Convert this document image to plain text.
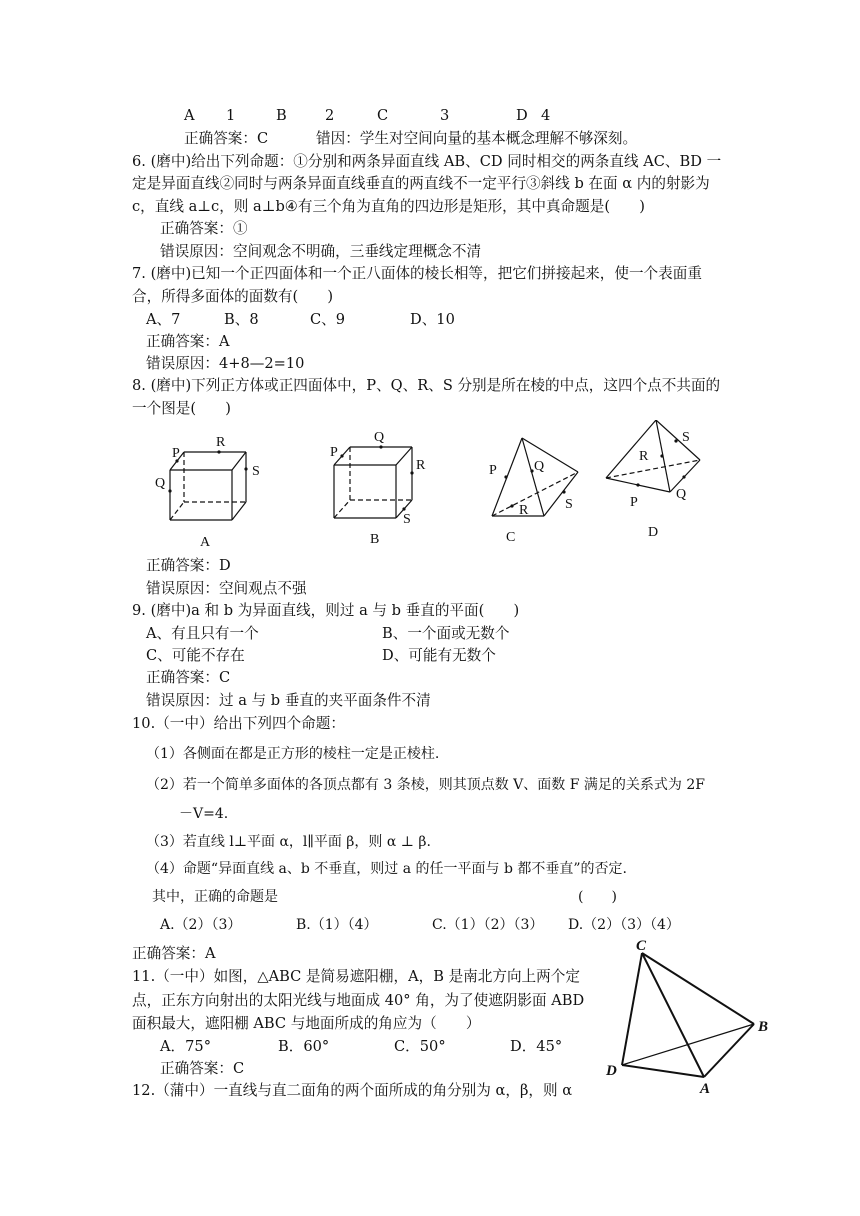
A 1	B	2	C	3	D 4
正确答案：C	错因：学生对空间向量的基本概念理解不够深刻。
6. (磨中)给出下列命题：①分别和两条异面直线 AB、CD 同时相交的两条直线 AC、BD 一
定是异面直线②同时与两条异面直线垂直的两直线不一定平行③斜线 b 在面 α 内的射影为
c，直线 a⊥c，则 a⊥b④有三个角为直角的四边形是矩形，其中真命题是(　　)
正确答案：①
错误原因：空间观念不明确，三垂线定理概念不清
7. (磨中)已知一个正四面体和一个正八面体的棱长相等，把它们拼接起来，使一个表面重
合，所得多面体的面数有(　　)
A、7	B、8	C、9	D、10
正确答案：A
错误原因：4+8—2=10
8. (磨中)下列正方体或正四面体中，P、Q、R、S 分别是所在棱的中点，这四个点不共面的
一个图是(　　)
P
R
Q
S
A
P
Q
R
S
B
P	Q
R	S
C
S
R
P
Q
D
正确答案：D
错误原因：空间观点不强
9. (磨中)a 和 b 为异面直线，则过 a 与 b 垂直的平面(　　)
A、有且只有一个	B、一个面或无数个
C、可能不存在	D、可能有无数个
正确答案：C
错误原因：过 a 与 b 垂直的夹平面条件不清
10.（一中）给出下列四个命题：
（1）各侧面在都是正方形的棱柱一定是正棱柱.
（2）若一个简单多面体的各顶点都有 3 条棱，则其顶点数 V、面数 F 满足的关系式为 2F
－V=4.
（3）若直线 l⊥平面 α，l∥平面 β，则 α ⊥ β.
（4）命题“异面直线 a、b 不垂直，则过 a 的任一平面与 b 都不垂直”的否定.
其中，正确的命题是	(　　)
A.（2）（3）	B.（1）（4）	C.（1）（2）（3） D.（2）（3）（4）
正确答案：A
11.（一中）如图，△ABC 是简易遮阳棚，A，B 是南北方向上两个定
点，正东方向射出的太阳光线与地面成 40° 角，为了使遮阴影面 ABD
面积最大，遮阳棚 ABC 与地面所成的角应为（　　）
A．75°	B．60°	C．50°	D．45°
正确答案：C
C
B
D
A
12.（蒲中）一直线与直二面角的两个面所成的角分别为 α，β，则 α
